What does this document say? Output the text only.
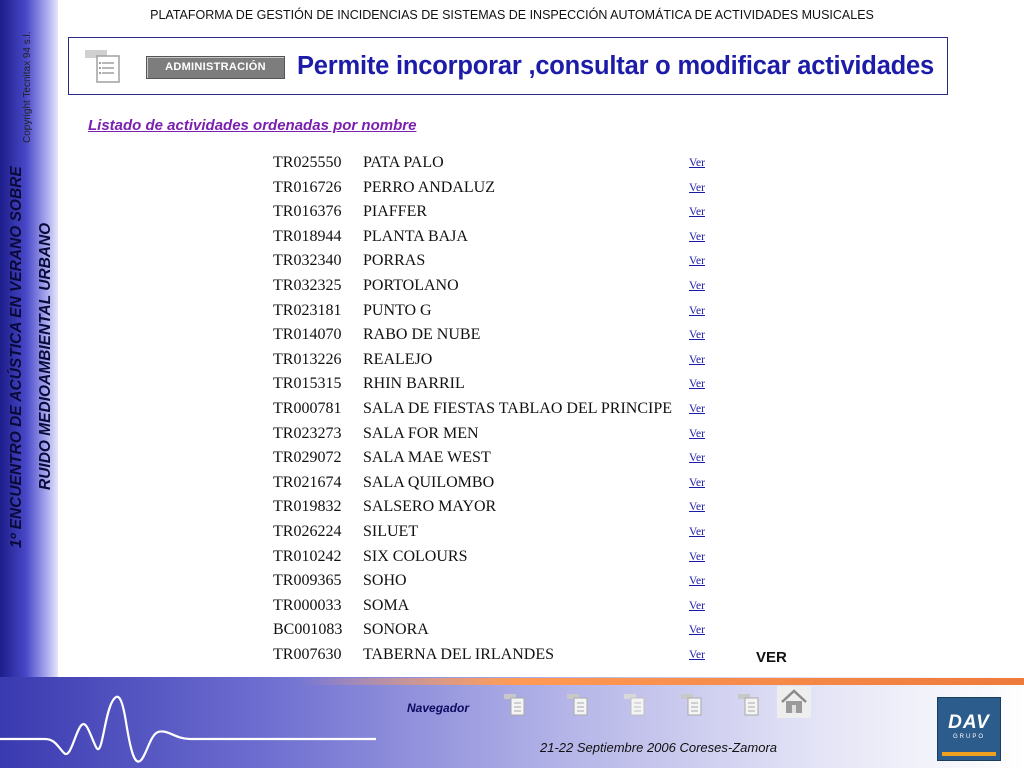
1º ENCUENTRO DE ACÚSTICA EN VERANO SOBRE RUIDO MEDIOAMBIENTAL URBANO
Copyright Tecnitax 94 s.l.
PLATAFORMA DE GESTIÓN DE INCIDENCIAS DE SISTEMAS DE INSPECCIÓN AUTOMÁTICA DE ACTIVIDADES MUSICALES
ADMINISTRACIÓN	Permite incorporar ,consultar o modificar actividades
Listado de actividades ordenadas por nombre
TR025550 PATA PALO	Ver
TR016726 PERRO ANDALUZ	Ver
TR016376 PIAFFER	Ver
TR018944 PLANTA BAJA	Ver
TR032340 PORRAS	Ver
TR032325 PORTOLANO	Ver
TR023181 PUNTO G	Ver
TR014070 RABO DE NUBE	Ver
TR013226 REALEJO	Ver
TR015315 RHIN BARRIL	Ver
TR000781 SALA DE FIESTAS TABLAO DEL PRINCIPE Ver
TR023273 SALA FOR MEN	Ver
TR029072 SALA MAE WEST	Ver
TR021674 SALA QUILOMBO	Ver
TR019832 SALSERO MAYOR	Ver
TR026224 SILUET	Ver
TR010242 SIX COLOURS	Ver
TR009365 SOHO	Ver
TR000033 SOMA	Ver
BC001083 SONORA	Ver
TR007630 TABERNA DEL IRLANDES	Ver	VER
Navegador
21-22 Septiembre 2006 Coreses-Zamora
DAV
GRUPO
